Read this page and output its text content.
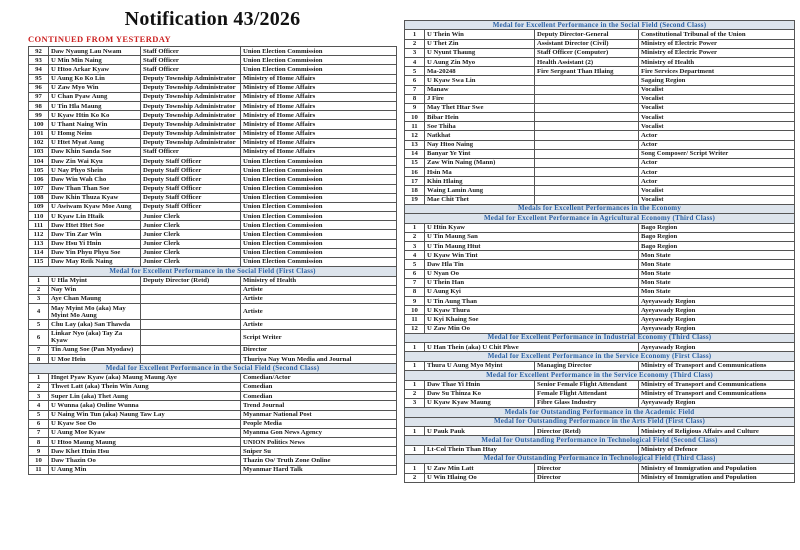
Notification 43/2026
CONTINUED FROM YESTERDAY
92	Daw Nyaung Lau Nwam	Staff Officer	Union Election Commission
93	U Min Min Naing	Staff Officer	Union Election Commission
94	U Htoo Arkar Kyaw	Staff Officer	Union Election Commission
95	U Aung Ko Ko Lin	Deputy Township Administrator	Ministry of Home Affairs
96	U Zaw Myo Win	Deputy Township Administrator	Ministry of Home Affairs
97	U Chan Pyaw Aung	Deputy Township Administrator	Ministry of Home Affairs
98	U Tin Hla Maung	Deputy Township Administrator	Ministry of Home Affairs
99	U Kyaw Htin Ko Ko	Deputy Township Administrator	Ministry of Home Affairs
100	U Thant Naing Win	Deputy Township Administrator	Ministry of Home Affairs
101	U Homg Neim	Deputy Township Administrator	Ministry of Home Affairs
102	U Htet Myat Aung	Deputy Township Administrator	Ministry of Home Affairs
103	Daw Khin Sanda Soe	Staff Officer	Ministry of Home Affairs
104	Daw Zin Wai Kyu	Deputy Staff Officer	Union Election Commission
105	U Nay Phyo Shein	Deputy Staff Officer	Union Election Commission
106	Daw Win Wah Cho	Deputy Staff Officer	Union Election Commission
107	Daw Than Than Soe	Deputy Staff Officer	Union Election Commission
108	Daw Khin Thuza Kyaw	Deputy Staff Officer	Union Election Commission
109	U Awiwam Kyaw Moe Aung	Deputy Staff Officer	Union Election Commission
110	U Kyaw Lin Htaik	Junior Clerk	Union Election Commission
111	Daw Htet Htet Soe	Junior Clerk	Union Election Commission
112	Daw Tin Zar Win	Junior Clerk	Union Election Commission
113	Daw Hsu Yi Hnin	Junior Clerk	Union Election Commission
114	Daw Yin Phyu Phyu Soe	Junior Clerk	Union Election Commission
115	Daw May Reik Naing	Junior Clerk	Union Election Commission
Medal for Excellent Performance in the Social Field (First Class)			
1	U Hla Myint	Deputy Director (Retd)	Ministry of Health
2	Nay Win		Artiste
3	Aye Chan Maung		Artiste
4	May Myint Mo (aka) May Myint Mo Aung		Artiste
5	Chu Lay (aka) San Thawda		Artiste
6	Linkar Nyo (aka) Tay Za Kyaw		Script Writer
7	Tin Aung Soe (Pan Myodaw)		Director
8	U Moe Hein		Thuriya Nay Wun Media and Journal
Medal for Excellent Performance in the Social Field (Second Class)			
1	Hnget Pyaw Kyaw (aka) Maung Maung Aye		Comedian/Actor
2	Thwet Latt (aka) Thein Win Aung		Comedian
3	Super Lin (aka) Thet Aung		Comedian
4	U Wunna (aka) Online Wunna		Trend Journal
5	U Naing Win Tun (aka) Naung Taw Lay		Myanmar National Post
6	U Kyaw Soe Oo		People Media
7	U Aung Moe Kyaw		Myanma Gon News Agency
8	U Htoo Maung Maung		UNION Politics News
9	Daw Khet Hnin Hsu		Sniper Su
10	Daw Thazin Oo		Thazin Oo/ Truth Zone Online
11	U Aung Min		Myanmar Hard Talk
Medal for Excellent Performance in the Social Field (Second Class)			
1	U Thein Win	Deputy Director-General	Constitutional Tribunal of the Union
2	U Thet Zin	Assistant Director (Civil)	Ministry of Electric Power
3	U Nyunt Thaung	Staff Officer (Computer)	Ministry of Electric Power
4	U Aung Zin Myo	Health Assistant (2)	Ministry of Health
5	Ma-20248	Fire Sergeant Than Hlaing	Fire Services Department
6	U Kyaw Swa Lin		Sagaing Region
7	Manaw		Vocalist
8	J Fire		Vocalist
9	May Thet Htar Swe		Vocalist
10	Bibar Hein		Vocalist
11	Soe Thiha		Vocalist
12	Natkhat		Actor
13	Nay Htoo Naing		Actor
14	Banyar Ye Yint		Song Composer/ Script Writer
15	Zaw Win Naing (Mann)		Actor
16	Hsin Ma		Actor
17	Khin Hlaing		Actor
18	Waing Lamin Aung		Vocalist
19	Mae Chit Thet		Vocalist
Medals for Excellent Performances in the Economy			
Medal for Excellent Performance in Agricultural Economy (Third Class)			
1	U Htin Kyaw		Bago Region
2	U Tin Maung San		Bago Region
3	U Tin Maung Htut		Bago Region
4	U Kyaw Win Tint		Mon State
5	Daw Hla Tin		Mon State
6	U Nyan Oo		Mon State
7	U Thein Han		Mon State
8	U Aung Kyi		Mon State
9	U Tin Aung Than		Ayeyawady Region
10	U Kyaw Thura		Ayeyawady Region
11	U Kyi Khaing Soe		Ayeyawady Region
12	U Zaw Min Oo		Ayeyawady Region
Medal for Excellent Performance in Industrial Economy (Third Class)			
1	U Han Thein (aka) U Chit Phwe		Ayeyawady Region
Medal for Excellent Performance in the Service Economy (First Class)			
1	Thura U Aung Myo Myint	Managing Director	Ministry of Transport and Communications
Medal for Excellent Performance in the Service Economy (Third Class)			
1	Daw Thae Yi Hnin	Senior Female Flight Attendant	Ministry of Transport and Communications
2	Daw Su Thinza Ko	Female Flight Attendant	Ministry of Transport and Communications
3	U Kyaw Kyaw Maung	Fibre Glass Industry	Ayeyawady Region
Medals for Outstanding Performance in the Academic Field			
Medal for Outstanding Performance in the Arts Field (First Class)			
1	U Pauk Pauk	Director (Retd)	Ministry of Religious Affairs and Culture
Medal for Outstanding Performance in Technological Field (Second Class)			
1	Lt-Col Thein Than Htay		Ministry of Defence
Medal for Outstanding Performance in Technological Field (Third Class)			
1	U Zaw Min Latt	Director	Ministry of Immigration and Population
2	U Win Hlaing Oo	Director	Ministry of Immigration and Population
